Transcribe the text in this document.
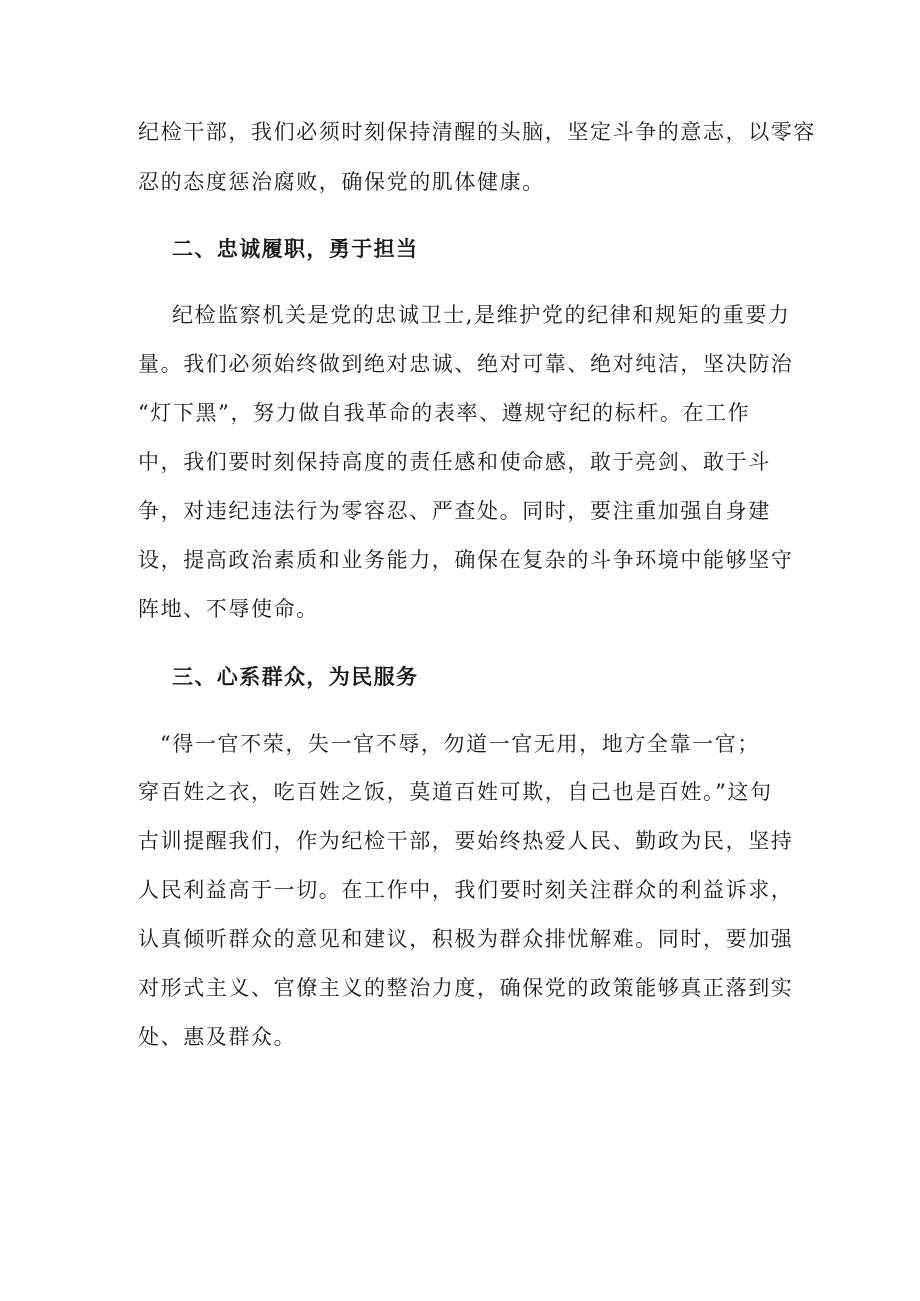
纪检干部，我们必须时刻保持清醒的头脑，坚定斗争的意志，以零容

忍的态度惩治腐败，确保党的肌体健康。

二、忠诚履职，勇于担当

纪检监察机关是党的忠诚卫士,是维护党的纪律和规矩的重要力

量。我们必须始终做到绝对忠诚、绝对可靠、绝对纯洁，坚决防治

“灯下黑”，努力做自我革命的表率、遵规守纪的标杆。在工作

中，我们要时刻保持高度的责任感和使命感，敢于亮剑、敢于斗

争，对违纪违法行为零容忍、严查处。同时，要注重加强自身建

设，提高政治素质和业务能力，确保在复杂的斗争环境中能够坚守

阵地、不辱使命。

三、心系群众，为民服务

“得一官不荣，失一官不辱，勿道一官无用，地方全靠一官；

穿百姓之衣，吃百姓之饭，莫道百姓可欺，自己也是百姓。”这句

古训提醒我们，作为纪检干部，要始终热爱人民、勤政为民，坚持

人民利益高于一切。在工作中，我们要时刻关注群众的利益诉求，

认真倾听群众的意见和建议，积极为群众排忧解难。同时，要加强

对形式主义、官僚主义的整治力度，确保党的政策能够真正落到实

处、惠及群众。
